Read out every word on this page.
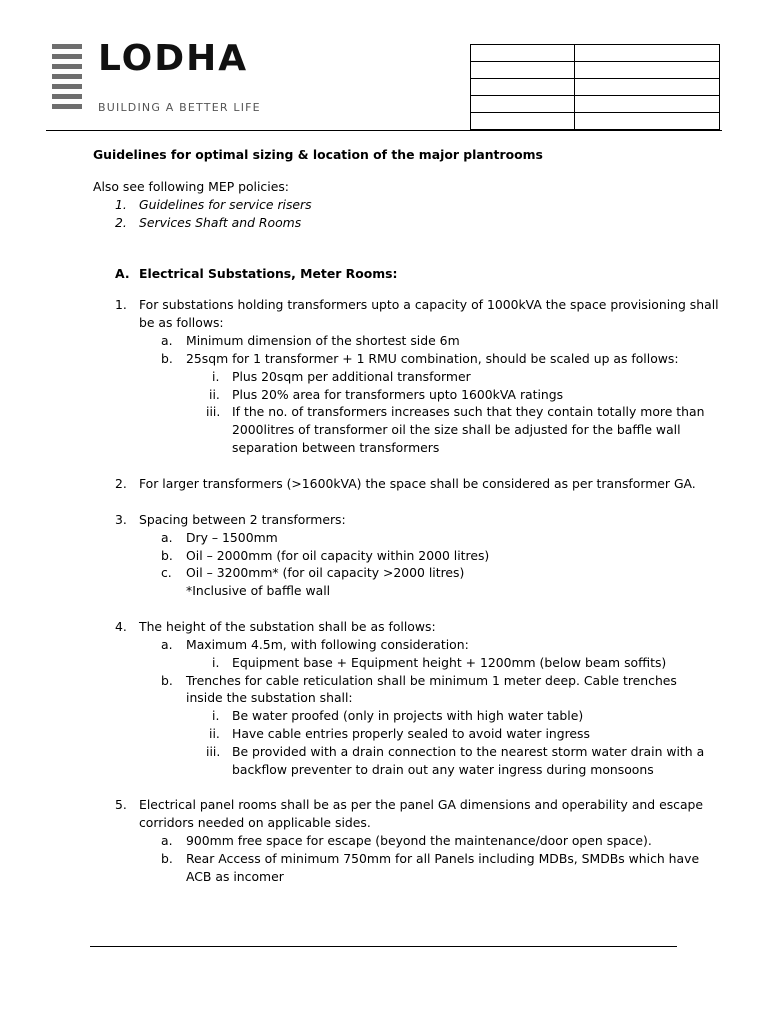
LODHA
BUILDING A BETTER LIFE

Guidelines for optimal sizing & location of the major plantrooms

Also see following MEP policies:

1. Guidelines for service risers

2. Services Shaft and Rooms

A. Electrical Substations, Meter Rooms:

1. For substations holding transformers upto a capacity of 1000kVA the space provisioning shall

be as follows:

a. Minimum dimension of the shortest side 6m

b. 25sqm for 1 transformer + 1 RMU combination, should be scaled up as follows:

i. Plus 20sqm per additional transformer

ii. Plus 20% area for transformers upto 1600kVA ratings

iii. If the no. of transformers increases such that they contain totally more than

2000litres of transformer oil the size shall be adjusted for the baffle wall

separation between transformers

2. For larger transformers (>1600kVA) the space shall be considered as per transformer GA.

3. Spacing between 2 transformers:

a. Dry – 1500mm

b. Oil – 2000mm (for oil capacity within 2000 litres)

c. Oil – 3200mm* (for oil capacity >2000 litres)

*Inclusive of baffle wall

4. The height of the substation shall be as follows:

a. Maximum 4.5m, with following consideration:

i. Equipment base + Equipment height + 1200mm (below beam soffits)

b. Trenches for cable reticulation shall be minimum 1 meter deep. Cable trenches

inside the substation shall:

i. Be water proofed (only in projects with high water table)

ii. Have cable entries properly sealed to avoid water ingress

iii. Be provided with a drain connection to the nearest storm water drain with a

backflow preventer to drain out any water ingress during monsoons

5. Electrical panel rooms shall be as per the panel GA dimensions and operability and escape

corridors needed on applicable sides.

a. 900mm free space for escape (beyond the maintenance/door open space).

b. Rear Access of minimum 750mm for all Panels including MDBs, SMDBs which have

ACB as incomer
